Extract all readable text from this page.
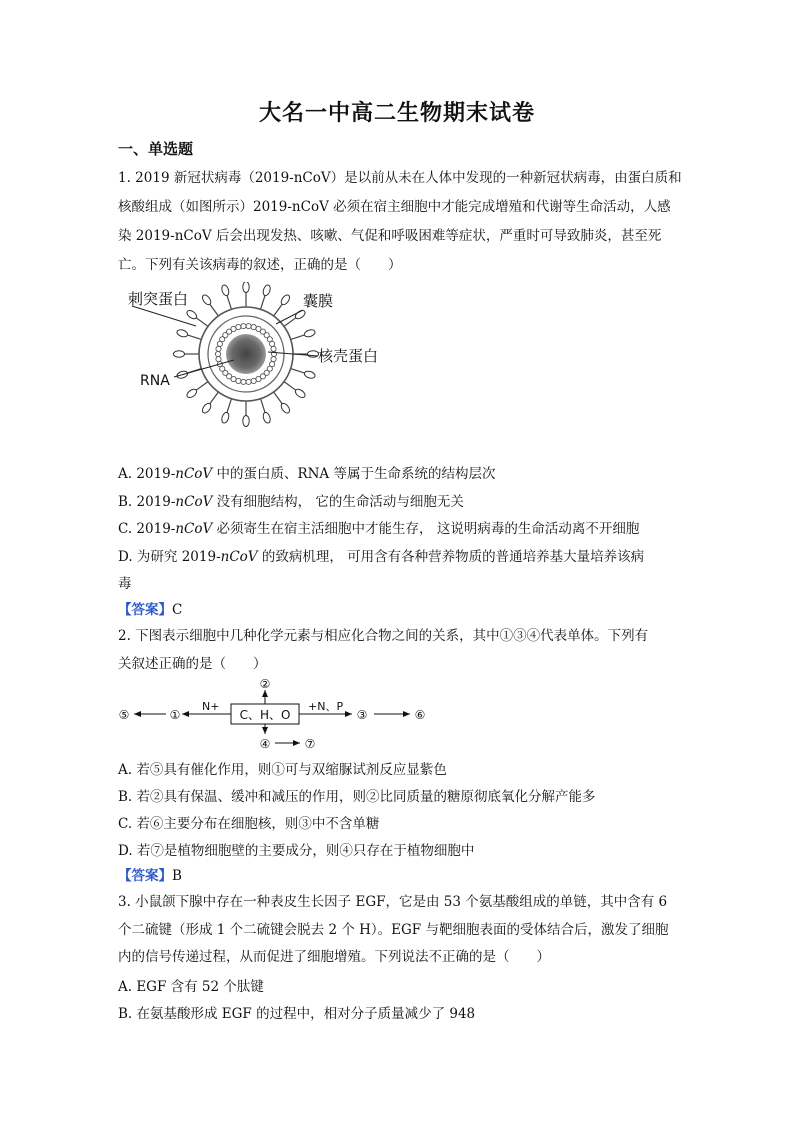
大名一中高二生物期末试卷
一、单选题
1. 2019 新冠状病毒（2019-nCoV）是以前从未在人体中发现的一种新冠状病毒，由蛋白质和
核酸组成（如图所示）2019-nCoV 必须在宿主细胞中才能完成增殖和代谢等生命活动，人感
染 2019-nCoV 后会出现发热、咳嗽、气促和呼吸困难等症状，严重时可导致肺炎，甚至死
亡。下列有关该病毒的叙述，正确的是（　　）
刺突蛋白	囊膜
核壳蛋白
RNA
A. 2019-nCoV 中的蛋白质、RNA 等属于生命系统的结构层次
B. 2019-nCoV 没有细胞结构， 它的生命活动与细胞无关
C. 2019-nCoV 必须寄生在宿主活细胞中才能生存， 这说明病毒的生命活动离不开细胞
D. 为研究 2019-nCoV 的致病机理， 可用含有各种营养物质的普通培养基大量培养该病
毒
【答案】C
2. 下图表示细胞中几种化学元素与相应化合物之间的关系，其中①③④代表单体。下列有
关叙述正确的是（　　）
C、H、O
②
N+
①
⑤
+N、P
③	⑥
④	⑦
A. 若⑤具有催化作用，则①可与双缩脲试剂反应显紫色
B. 若②具有保温、缓冲和减压的作用，则②比同质量的糖原彻底氧化分解产能多
C. 若⑥主要分布在细胞核，则③中不含单糖
D. 若⑦是植物细胞壁的主要成分，则④只存在于植物细胞中
【答案】B
3. 小鼠颌下腺中存在一种表皮生长因子 EGF，它是由 53 个氨基酸组成的单链，其中含有 6
个二硫键（形成 1 个二硫键会脱去 2 个 H）。EGF 与靶细胞表面的受体结合后，激发了细胞
内的信号传递过程，从而促进了细胞增殖。下列说法不正确的是（　　）
A. EGF 含有 52 个肽键
B. 在氨基酸形成 EGF 的过程中，相对分子质量减少了 948
